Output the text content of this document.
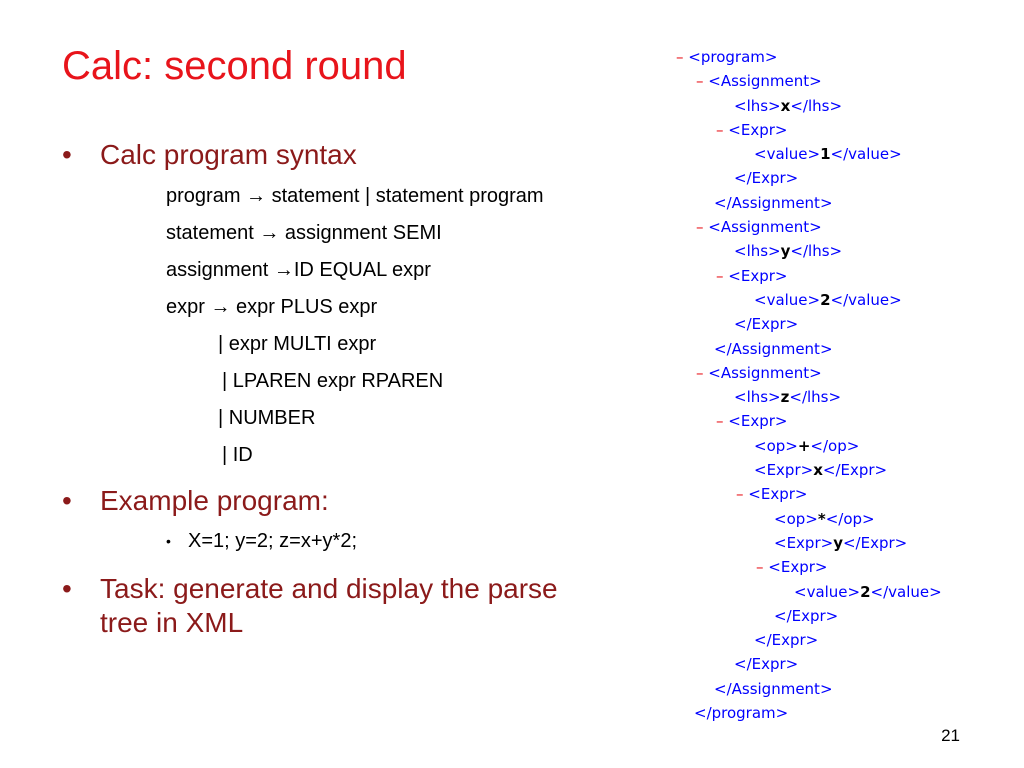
Calc: second round
• Calc program syntax
program → statement | statement program
statement → assignment SEMI
assignment →ID EQUAL expr
expr → expr PLUS expr
| expr MULTI expr
| LPAREN expr RPAREN
| NUMBER
| ID
• Example program:
• X=1; y=2; z=x+y*2;
• Task: generate and display the parse
tree in XML
– <program>
– <Assignment>
<lhs>x</lhs>
– <Expr>
<value>1</value>
</Expr>
</Assignment>
– <Assignment>
<lhs>y</lhs>
– <Expr>
<value>2</value>
</Expr>
</Assignment>
– <Assignment>
<lhs>z</lhs>
– <Expr>
<op>+</op>
<Expr>x</Expr>
– <Expr>
<op>*</op>
<Expr>y</Expr>
– <Expr>
<value>2</value>
</Expr>
</Expr>
</Expr>
</Assignment>
</program>
21
